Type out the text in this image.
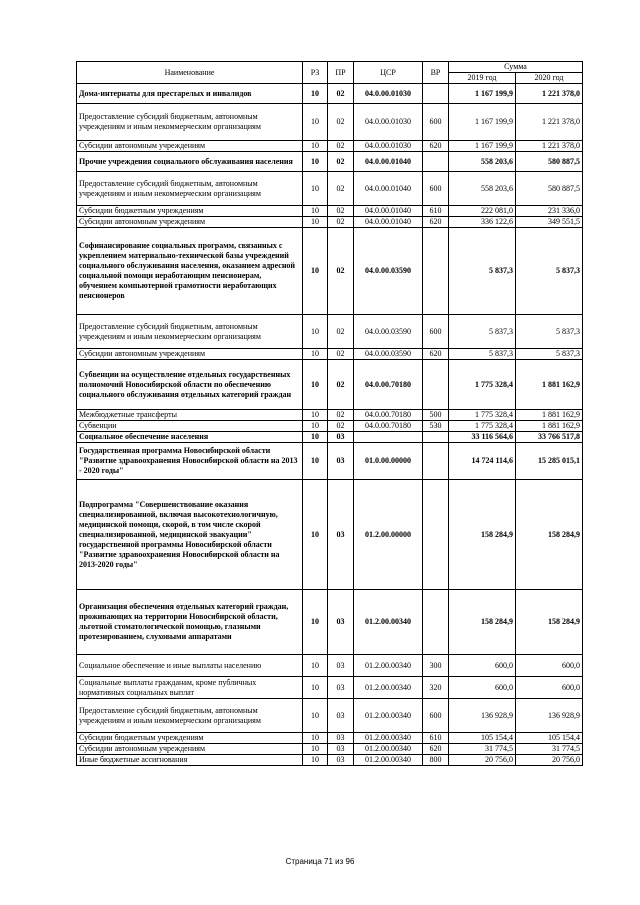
Наименование	РЗ	ПР	ЦСР	ВР	Сумма	
					2019 год	2020 год
Дома-интернаты для престарелых и инвалидов	10	02	04.0.00.01030		1 167 199,9	1 221 378,0
Предоставление субсидий бюджетным, автономным учреждениям и иным некоммерческим организациям	10	02	04.0.00.01030	600	1 167 199,9	1 221 378,0
Субсидии автономным учреждениям	10	02	04.0.00.01030	620	1 167 199,9	1 221 378,0
Прочие учреждения социального обслуживания населения	10	02	04.0.00.01040		558 203,6	580 887,5
Предоставление субсидий бюджетным, автономным учреждениям и иным некоммерческим организациям	10	02	04.0.00.01040	600	558 203,6	580 887,5
Субсидии бюджетным учреждениям	10	02	04.0.00.01040	610	222 081,0	231 336,0
Субсидии автономным учреждениям	10	02	04.0.00.01040	620	336 122,6	349 551,5
Софинансирование социальных программ, связанных с укреплением материально-технической базы учреждений социального обслуживания населения, оказанием адресной социальной помощи неработающим пенсионерам, обучением компьютерной грамотности неработающих пенсионеров	10	02	04.0.00.03590		5 837,3	5 837,3
Предоставление субсидий бюджетным, автономным учреждениям и иным некоммерческим организациям	10	02	04.0.00.03590	600	5 837,3	5 837,3
Субсидии автономным учреждениям	10	02	04.0.00.03590	620	5 837,3	5 837,3
Субвенции на осуществление отдельных государственных полномочий Новосибирской области по обеспечению социального обслуживания отдельных категорий граждан	10	02	04.0.00.70180		1 775 328,4	1 881 162,9
Межбюджетные трансферты	10	02	04.0.00.70180	500	1 775 328,4	1 881 162,9
Субвенции	10	02	04.0.00.70180	530	1 775 328,4	1 881 162,9
Социальное обеспечение населения	10	03			33 116 564,6	33 766 517,8
Государственная программа Новосибирской области "Развитие здравоохранения Новосибирской области на 2013 - 2020 годы"	10	03	01.0.00.00000		14 724 114,6	15 285 015,1
Подпрограмма "Совершенствование оказания специализированной, включая высокотехнологичную, медицинской помощи, скорой, в том числе скорой специализированной, медицинской эвакуации" государственной программы Новосибирской области "Развитие здравоохранения Новосибирской области на 2013-2020 годы"	10	03	01.2.00.00000		158 284,9	158 284,9
Организация обеспечения отдельных категорий граждан, проживающих на территории Новосибирской области, льготной стоматологической помощью, глазными протезированием, слуховыми аппаратами	10	03	01.2.00.00340		158 284,9	158 284,9
Социальное обеспечение и иные выплаты населению	10	03	01.2.00.00340	300	600,0	600,0
Социальные выплаты гражданам, кроме публичных нормативных социальных выплат	10	03	01.2.00.00340	320	600,0	600,0
Предоставление субсидий бюджетным, автономным учреждениям и иным некоммерческим организациям	10	03	01.2.00.00340	600	136 928,9	136 928,9
Субсидии бюджетным учреждениям	10	03	01.2.00.00340	610	105 154,4	105 154,4
Субсидии автономным учреждениям	10	03	01.2.00.00340	620	31 774,5	31 774,5
Иные бюджетные ассигнования	10	03	01.2.00.00340	800	20 756,0	20 756,0
Страница 71 из 96
